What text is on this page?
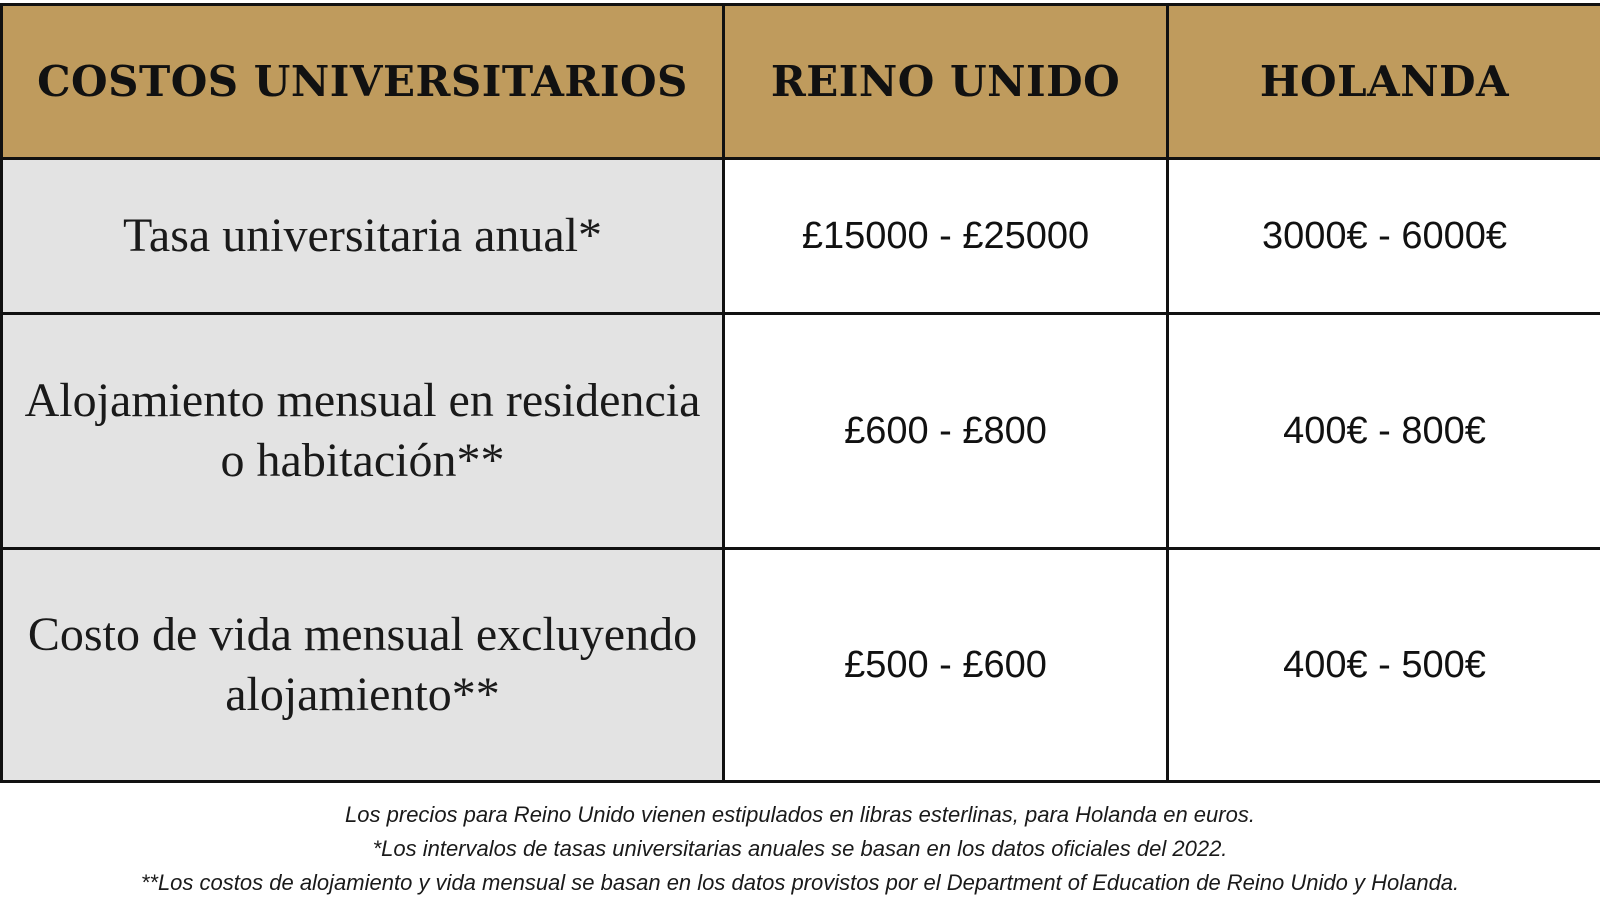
COSTOS UNIVERSITARIOS	REINO UNIDO	HOLANDA
Tasa universitaria anual*	£15000 - £25000	3000€ - 6000€
Alojamiento mensual en residencia o habitación**	£600 - £800	400€ - 800€
Costo de vida mensual excluyendo alojamiento**	£500 - £600	400€ - 500€

Los precios para Reino Unido vienen estipulados en libras esterlinas, para Holanda en euros.

*Los intervalos de tasas universitarias anuales se basan en los datos oficiales del 2022.

**Los costos de alojamiento y vida mensual se basan en los datos provistos por el Department of Education de Reino Unido y Holanda.
